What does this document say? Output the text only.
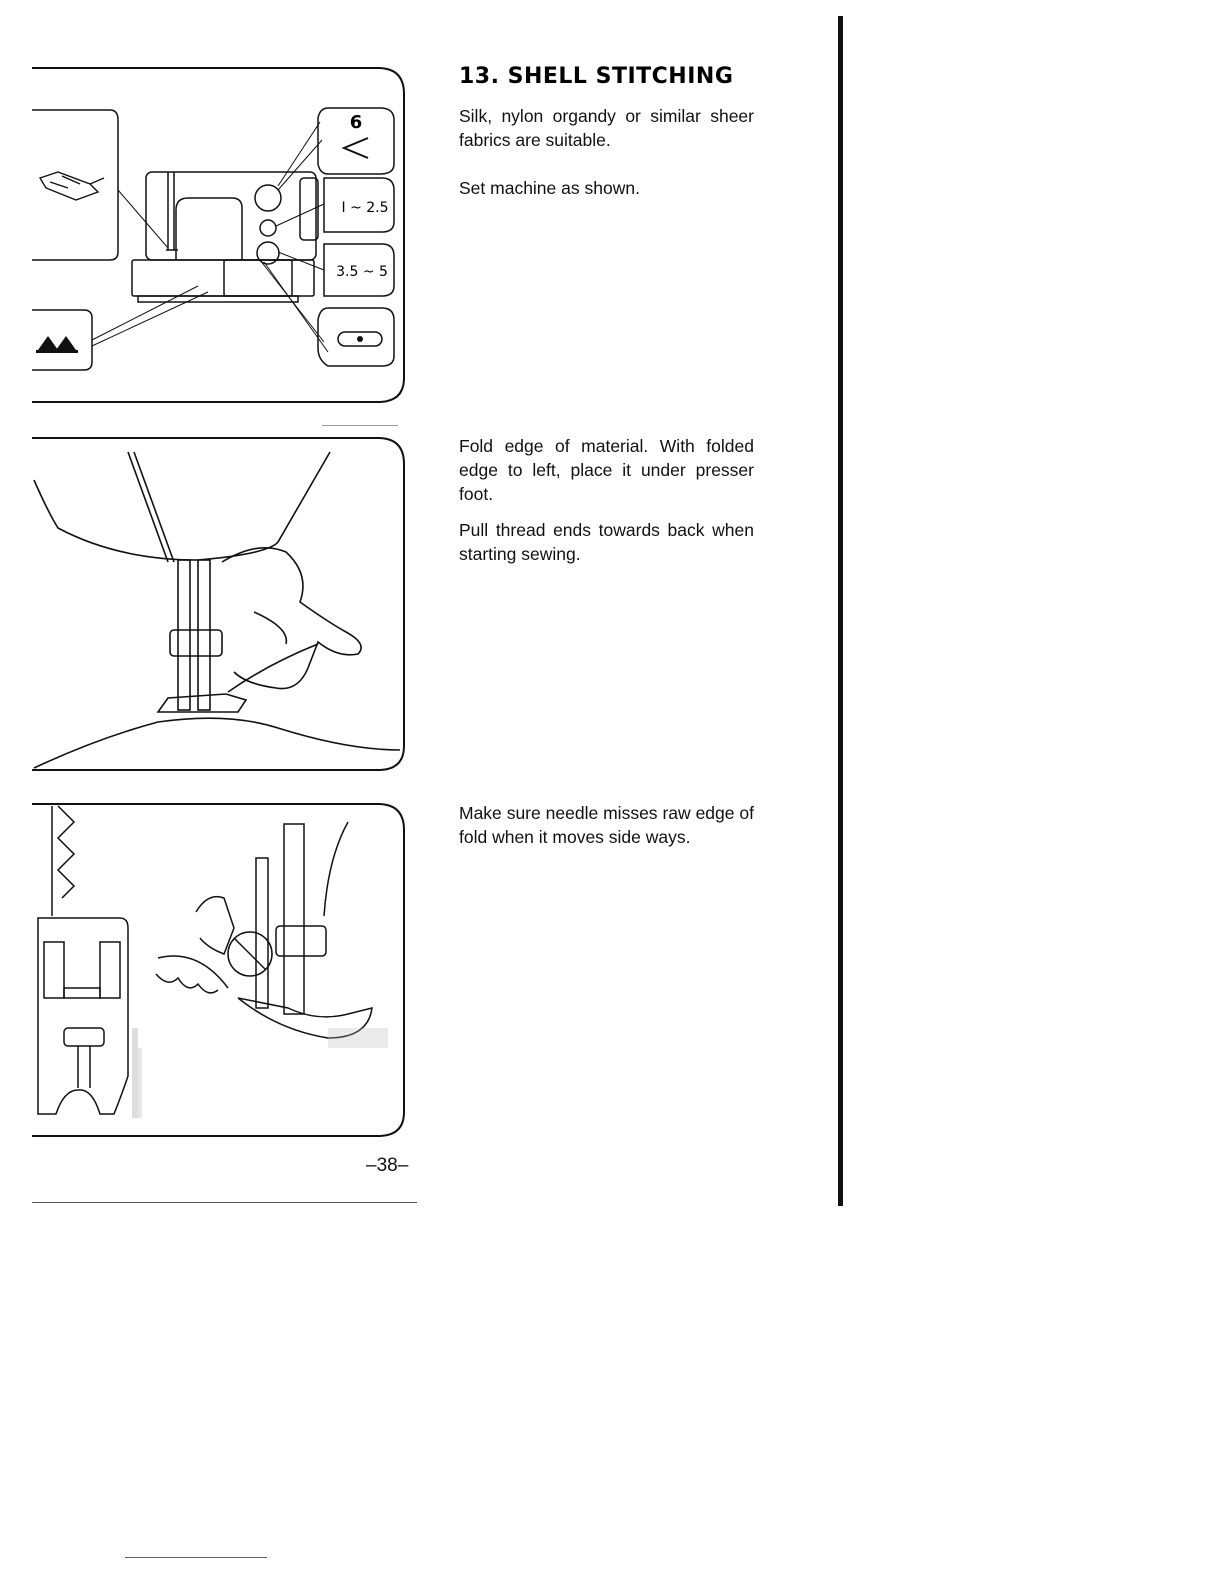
6
I ~ 2.5
3.5 ~ 5
13. SHELL STITCHING

Silk, nylon organdy or similar sheer fabrics are suitable.

Set machine as shown.

Fold edge of material. With folded edge to left, place it under presser foot.

Pull thread ends towards back when starting sewing.

Make sure needle misses raw edge of fold when it moves side ways.

–38–
